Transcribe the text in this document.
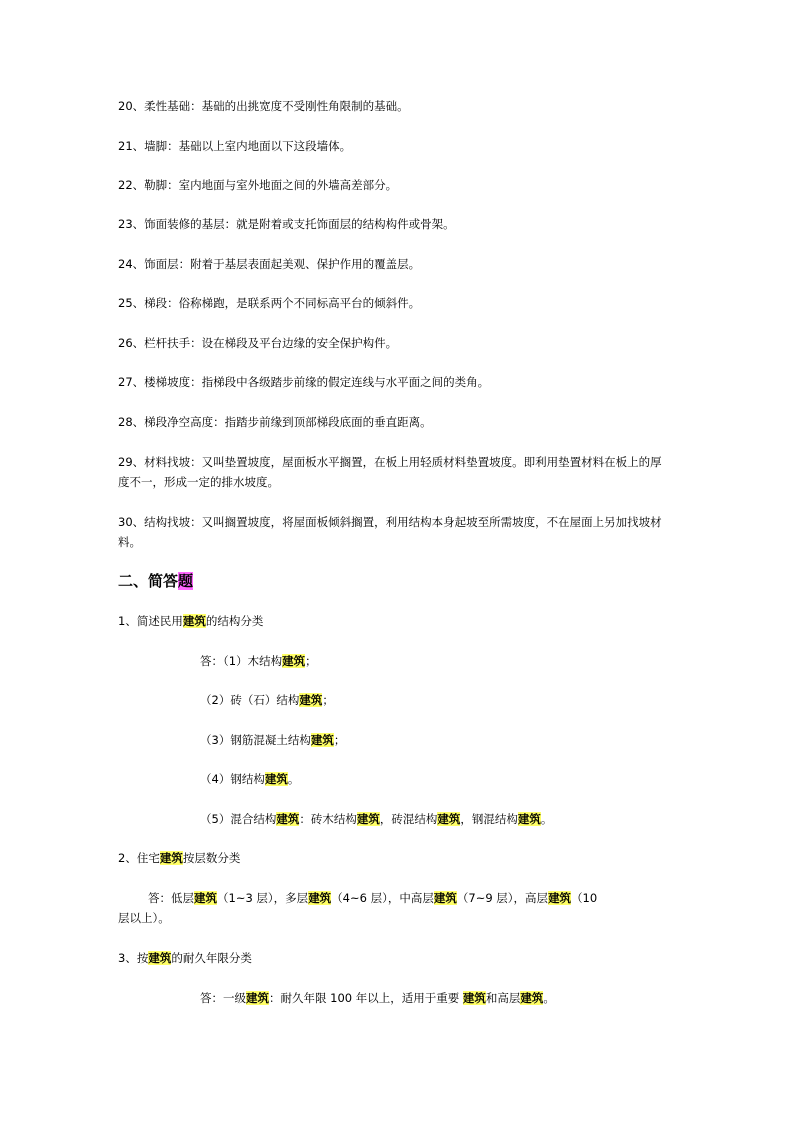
20、柔性基础：基础的出挑宽度不受刚性角限制的基础。
21、墙脚：基础以上室内地面以下这段墙体。
22、勒脚：室内地面与室外地面之间的外墙高差部分。
23、饰面装修的基层：就是附着或支托饰面层的结构构件或骨架。
24、饰面层：附着于基层表面起美观、保护作用的覆盖层。
25、梯段：俗称梯跑，是联系两个不同标高平台的倾斜件。
26、栏杆扶手：设在梯段及平台边缘的安全保护构件。
27、楼梯坡度：指梯段中各级踏步前缘的假定连线与水平面之间的类角。
28、梯段净空高度：指踏步前缘到顶部梯段底面的垂直距离。
29、材料找坡：又叫垫置坡度，屋面板水平搁置，在板上用轻质材料垫置坡度。即利用垫置材料在板上的厚度不一，形成一定的排水坡度。
30、结构找坡：又叫搁置坡度，将屋面板倾斜搁置，利用结构本身起坡至所需坡度，不在屋面上另加找坡材料。
二、简答题
1、简述民用建筑的结构分类
答：（1）木结构建筑；
（2）砖（石）结构建筑；
（3）钢筋混凝土结构建筑；
（4）钢结构建筑。
（5）混合结构建筑：砖木结构建筑，砖混结构建筑，钢混结构建筑。
2、住宅建筑按层数分类
答：低层建筑（1~3 层），多层建筑（4~6 层），中高层建筑（7~9 层），高层建筑（10
层以上）。
3、按建筑的耐久年限分类
答：一级建筑：耐久年限 100 年以上，适用于重要 建筑和高层建筑。
